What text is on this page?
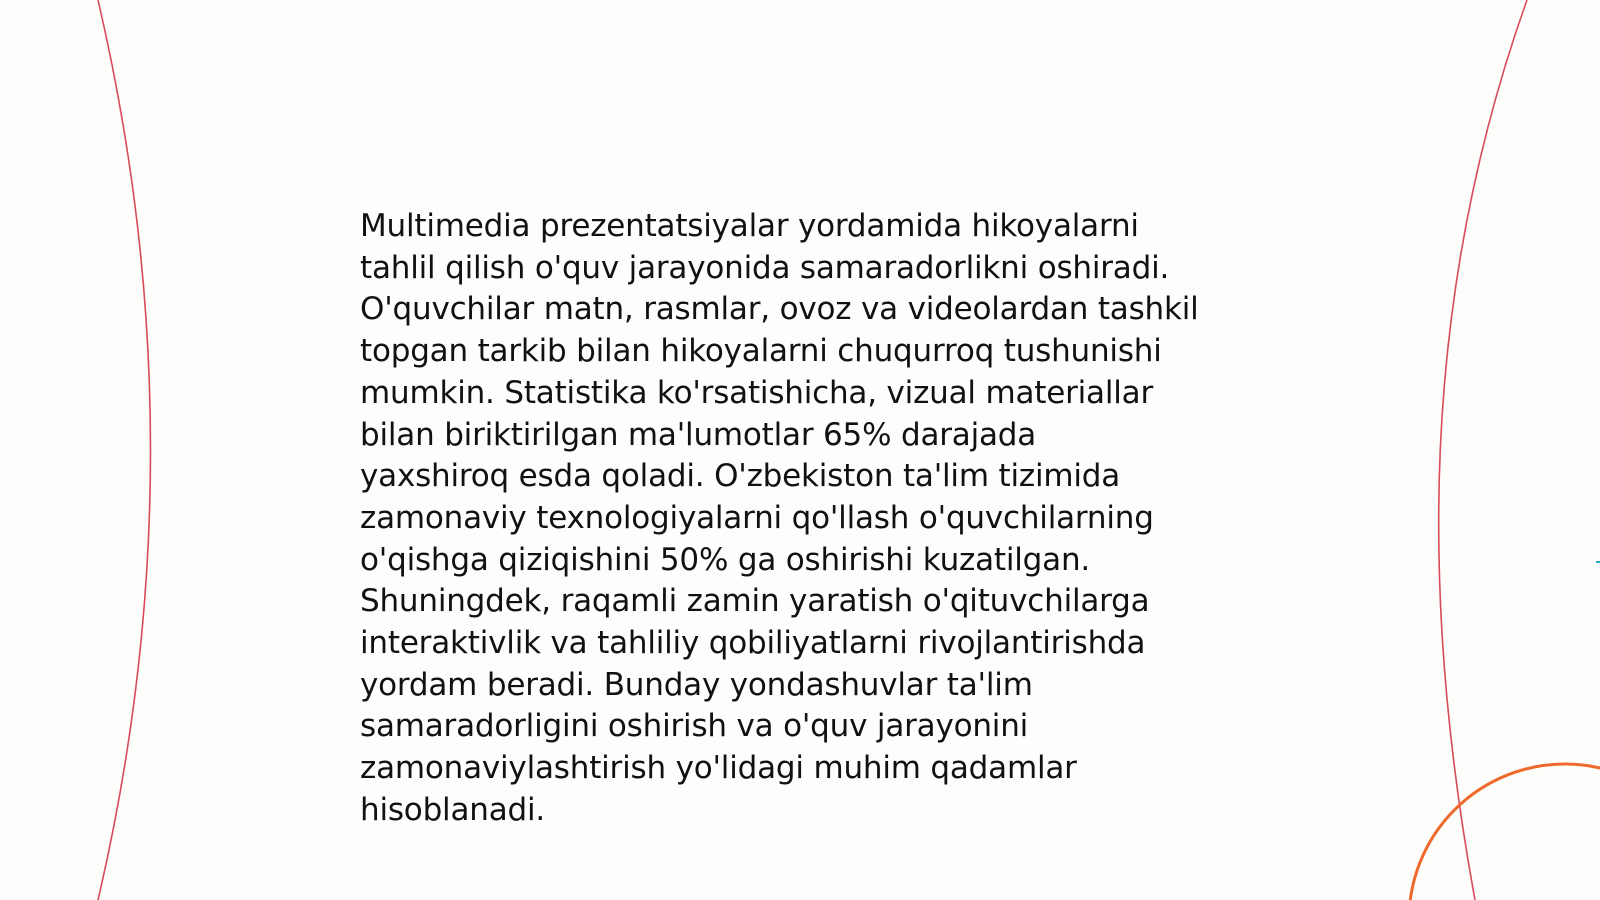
Multimedia prezentatsiyalar yordamida hikoyalarni
tahlil qilish o'quv jarayonida samaradorlikni oshiradi.
O'quvchilar matn, rasmlar, ovoz va videolardan tashkil
topgan tarkib bilan hikoyalarni chuqurroq tushunishi
mumkin. Statistika ko'rsatishicha, vizual materiallar
bilan biriktirilgan ma'lumotlar 65% darajada
yaxshiroq esda qoladi. O'zbekiston ta'lim tizimida
zamonaviy texnologiyalarni qo'llash o'quvchilarning
o'qishga qiziqishini 50% ga oshirishi kuzatilgan.
Shuningdek, raqamli zamin yaratish o'qituvchilarga
interaktivlik va tahliliy qobiliyatlarni rivojlantirishda
yordam beradi. Bunday yondashuvlar ta'lim
samaradorligini oshirish va o'quv jarayonini
zamonaviylashtirish yo'lidagi muhim qadamlar
hisoblanadi.
